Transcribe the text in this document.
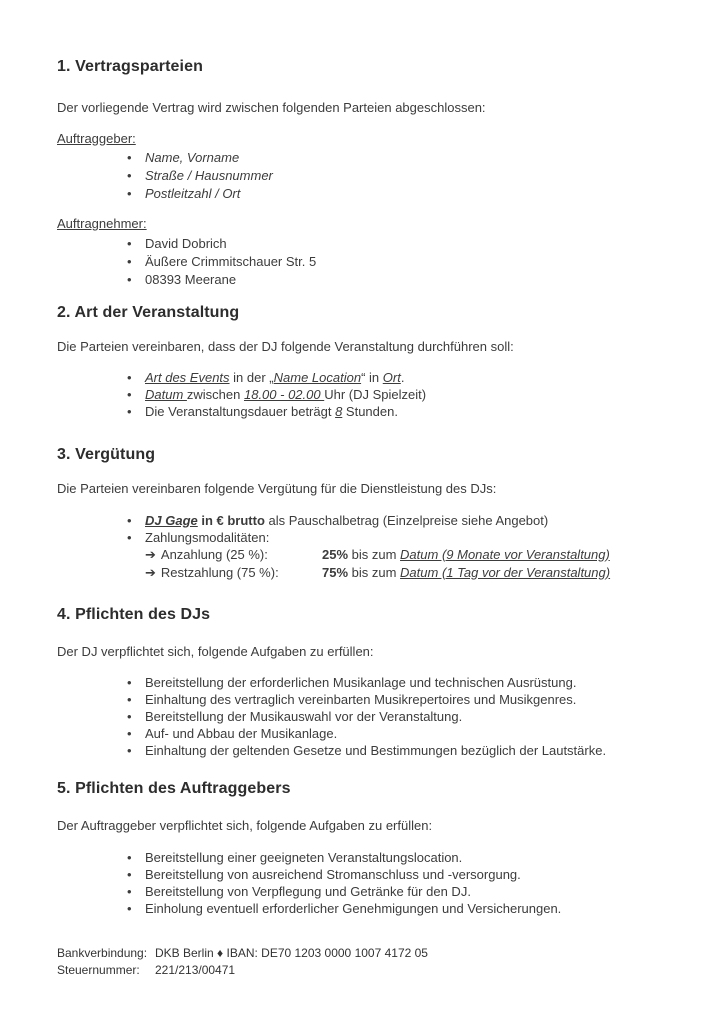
1. Vertragsparteien

Der vorliegende Vertrag wird zwischen folgenden Parteien abgeschlossen:

Auftraggeber:
• Name, Vorname
• Straße / Hausnummer
• Postleitzahl / Ort
Auftragnehmer:
• David Dobrich
• Äußere Crimmitschauer Str. 5
• 08393 Meerane
2. Art der Veranstaltung

Die Parteien vereinbaren, dass der DJ folgende Veranstaltung durchführen soll:

• Art des Events in der „Name Location“ in Ort.
• Datum zwischen 18.00 - 02.00 Uhr (DJ Spielzeit)
• Die Veranstaltungsdauer beträgt 8 Stunden.
3. Vergütung

Die Parteien vereinbaren folgende Vergütung für die Dienstleistung des DJs:

• DJ Gage in € brutto als Pauschalbetrag (Einzelpreise siehe Angebot)
• Zahlungsmodalitäten:
➔ Anzahlung (25 %):	25% bis zum Datum (9 Monate vor Veranstaltung)
➔ Restzahlung (75 %):	75% bis zum Datum (1 Tag vor der Veranstaltung)
4. Pflichten des DJs

Der DJ verpflichtet sich, folgende Aufgaben zu erfüllen:

• Bereitstellung der erforderlichen Musikanlage und technischen Ausrüstung.
• Einhaltung des vertraglich vereinbarten Musikrepertoires und Musikgenres.
• Bereitstellung der Musikauswahl vor der Veranstaltung.
• Auf- und Abbau der Musikanlage.
• Einhaltung der geltenden Gesetze und Bestimmungen bezüglich der Lautstärke.
5. Pflichten des Auftraggebers

Der Auftraggeber verpflichtet sich, folgende Aufgaben zu erfüllen:

• Bereitstellung einer geeigneten Veranstaltungslocation.
• Bereitstellung von ausreichend Stromanschluss und -versorgung.
• Bereitstellung von Verpflegung und Getränke für den DJ.
• Einholung eventuell erforderlicher Genehmigungen und Versicherungen.
Bankverbindung: DKB Berlin ♦ IBAN: DE70 1203 0000 1007 4172 05
Steuernummer: 221/213/00471
